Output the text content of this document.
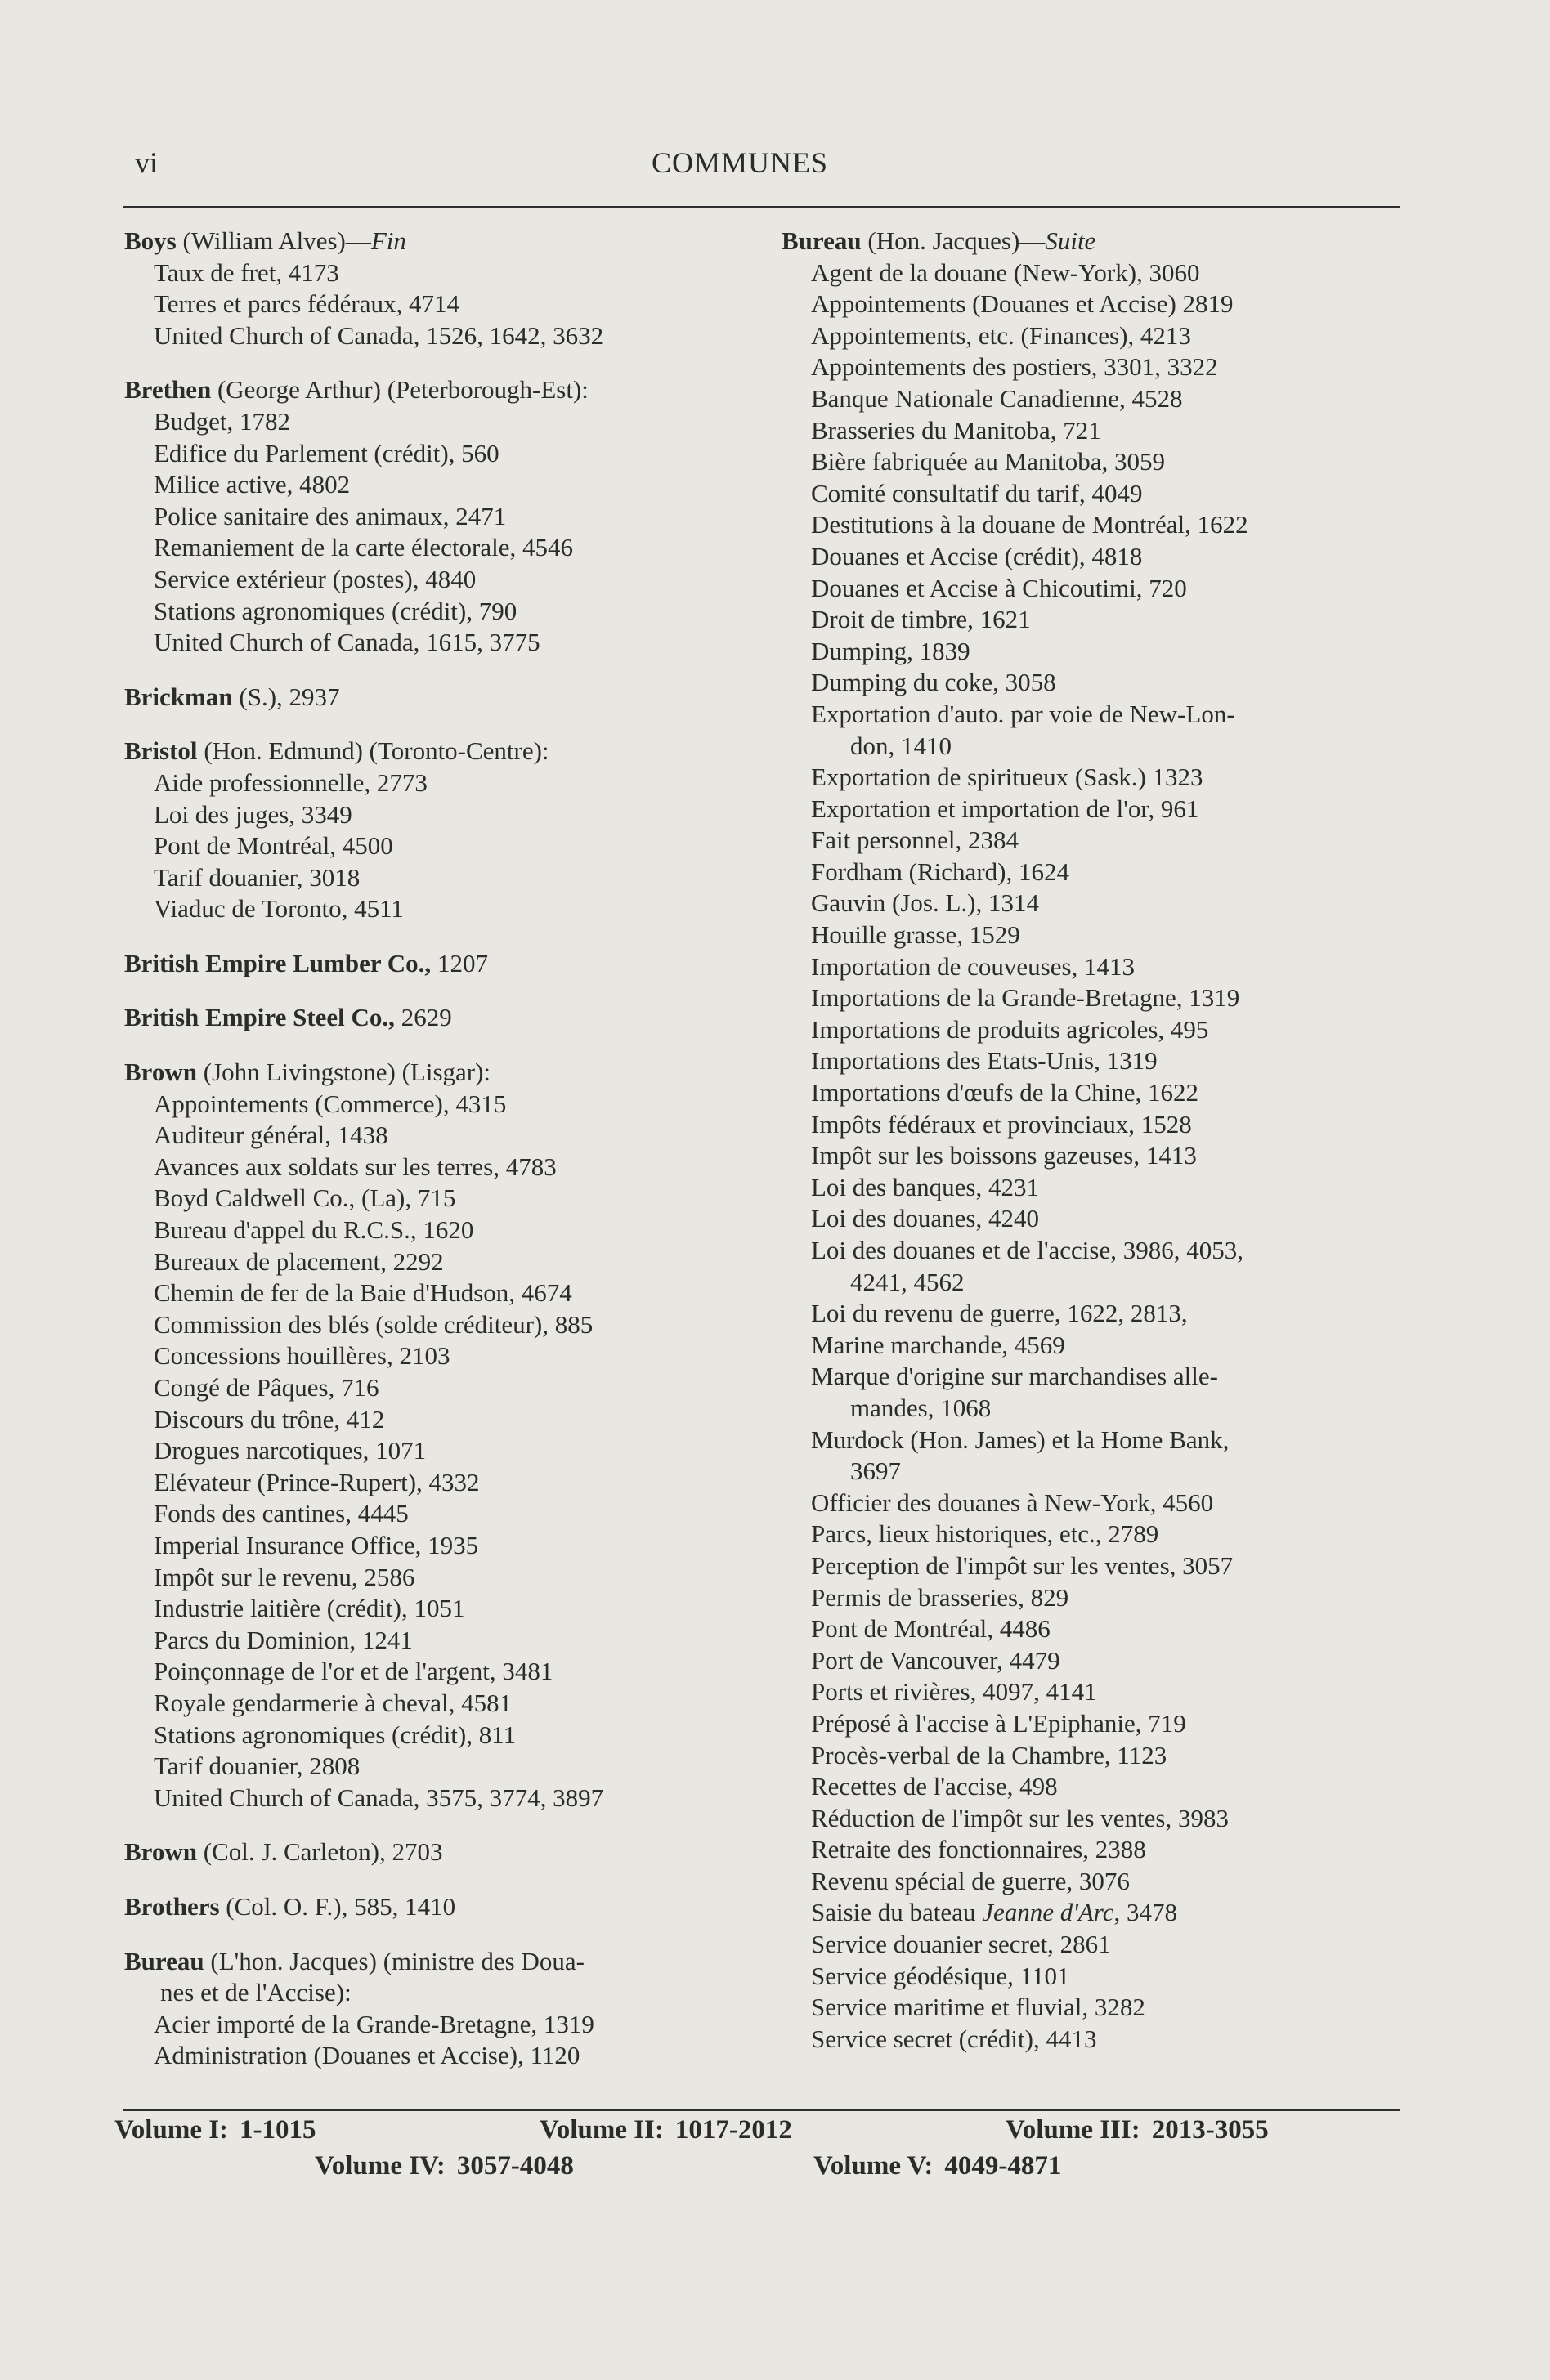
vi	COMMUNES
Boys (William Alves)—Fin
Taux de fret, 4173
Terres et parcs fédéraux, 4714
United Church of Canada, 1526, 1642, 3632
Brethen (George Arthur) (Peterborough-Est):
Budget, 1782
Edifice du Parlement (crédit), 560
Milice active, 4802
Police sanitaire des animaux, 2471
Remaniement de la carte électorale, 4546
Service extérieur (postes), 4840
Stations agronomiques (crédit), 790
United Church of Canada, 1615, 3775
Brickman (S.), 2937
Bristol (Hon. Edmund) (Toronto-Centre):
Aide professionnelle, 2773
Loi des juges, 3349
Pont de Montréal, 4500
Tarif douanier, 3018
Viaduc de Toronto, 4511
British Empire Lumber Co., 1207
British Empire Steel Co., 2629
Brown (John Livingstone) (Lisgar):
Appointements (Commerce), 4315
Auditeur général, 1438
Avances aux soldats sur les terres, 4783
Boyd Caldwell Co., (La), 715
Bureau d'appel du R.C.S., 1620
Bureaux de placement, 2292
Chemin de fer de la Baie d'Hudson, 4674
Commission des blés (solde créditeur), 885
Concessions houillères, 2103
Congé de Pâques, 716
Discours du trône, 412
Drogues narcotiques, 1071
Elévateur (Prince-Rupert), 4332
Fonds des cantines, 4445
Imperial Insurance Office, 1935
Impôt sur le revenu, 2586
Industrie laitière (crédit), 1051
Parcs du Dominion, 1241
Poinçonnage de l'or et de l'argent, 3481
Royale gendarmerie à cheval, 4581
Stations agronomiques (crédit), 811
Tarif douanier, 2808
United Church of Canada, 3575, 3774, 3897
Brown (Col. J. Carleton), 2703
Brothers (Col. O. F.), 585, 1410
Bureau (L'hon. Jacques) (ministre des Doua-
nes et de l'Accise):
Acier importé de la Grande-Bretagne, 1319
Administration (Douanes et Accise), 1120
Bureau (Hon. Jacques)—Suite
Agent de la douane (New-York), 3060
Appointements (Douanes et Accise) 2819
Appointements, etc. (Finances), 4213
Appointements des postiers, 3301, 3322
Banque Nationale Canadienne, 4528
Brasseries du Manitoba, 721
Bière fabriquée au Manitoba, 3059
Comité consultatif du tarif, 4049
Destitutions à la douane de Montréal, 1622
Douanes et Accise (crédit), 4818
Douanes et Accise à Chicoutimi, 720
Droit de timbre, 1621
Dumping, 1839
Dumping du coke, 3058
Exportation d'auto. par voie de New-Lon-
don, 1410
Exportation de spiritueux (Sask.) 1323
Exportation et importation de l'or, 961
Fait personnel, 2384
Fordham (Richard), 1624
Gauvin (Jos. L.), 1314
Houille grasse, 1529
Importation de couveuses, 1413
Importations de la Grande-Bretagne, 1319
Importations de produits agricoles, 495
Importations des Etats-Unis, 1319
Importations d'œufs de la Chine, 1622
Impôts fédéraux et provinciaux, 1528
Impôt sur les boissons gazeuses, 1413
Loi des banques, 4231
Loi des douanes, 4240
Loi des douanes et de l'accise, 3986, 4053,
4241, 4562
Loi du revenu de guerre, 1622, 2813,
Marine marchande, 4569
Marque d'origine sur marchandises alle-
mandes, 1068
Murdock (Hon. James) et la Home Bank,
3697
Officier des douanes à New-York, 4560
Parcs, lieux historiques, etc., 2789
Perception de l'impôt sur les ventes, 3057
Permis de brasseries, 829
Pont de Montréal, 4486
Port de Vancouver, 4479
Ports et rivières, 4097, 4141
Préposé à l'accise à L'Epiphanie, 719
Procès-verbal de la Chambre, 1123
Recettes de l'accise, 498
Réduction de l'impôt sur les ventes, 3983
Retraite des fonctionnaires, 2388
Revenu spécial de guerre, 3076
Saisie du bateau Jeanne d'Arc, 3478
Service douanier secret, 2861
Service géodésique, 1101
Service maritime et fluvial, 3282
Service secret (crédit), 4413
Volume I: 1-1015	Volume II: 1017-2012	Volume III: 2013-3055
Volume IV: 3057-4048	Volume V: 4049-4871
